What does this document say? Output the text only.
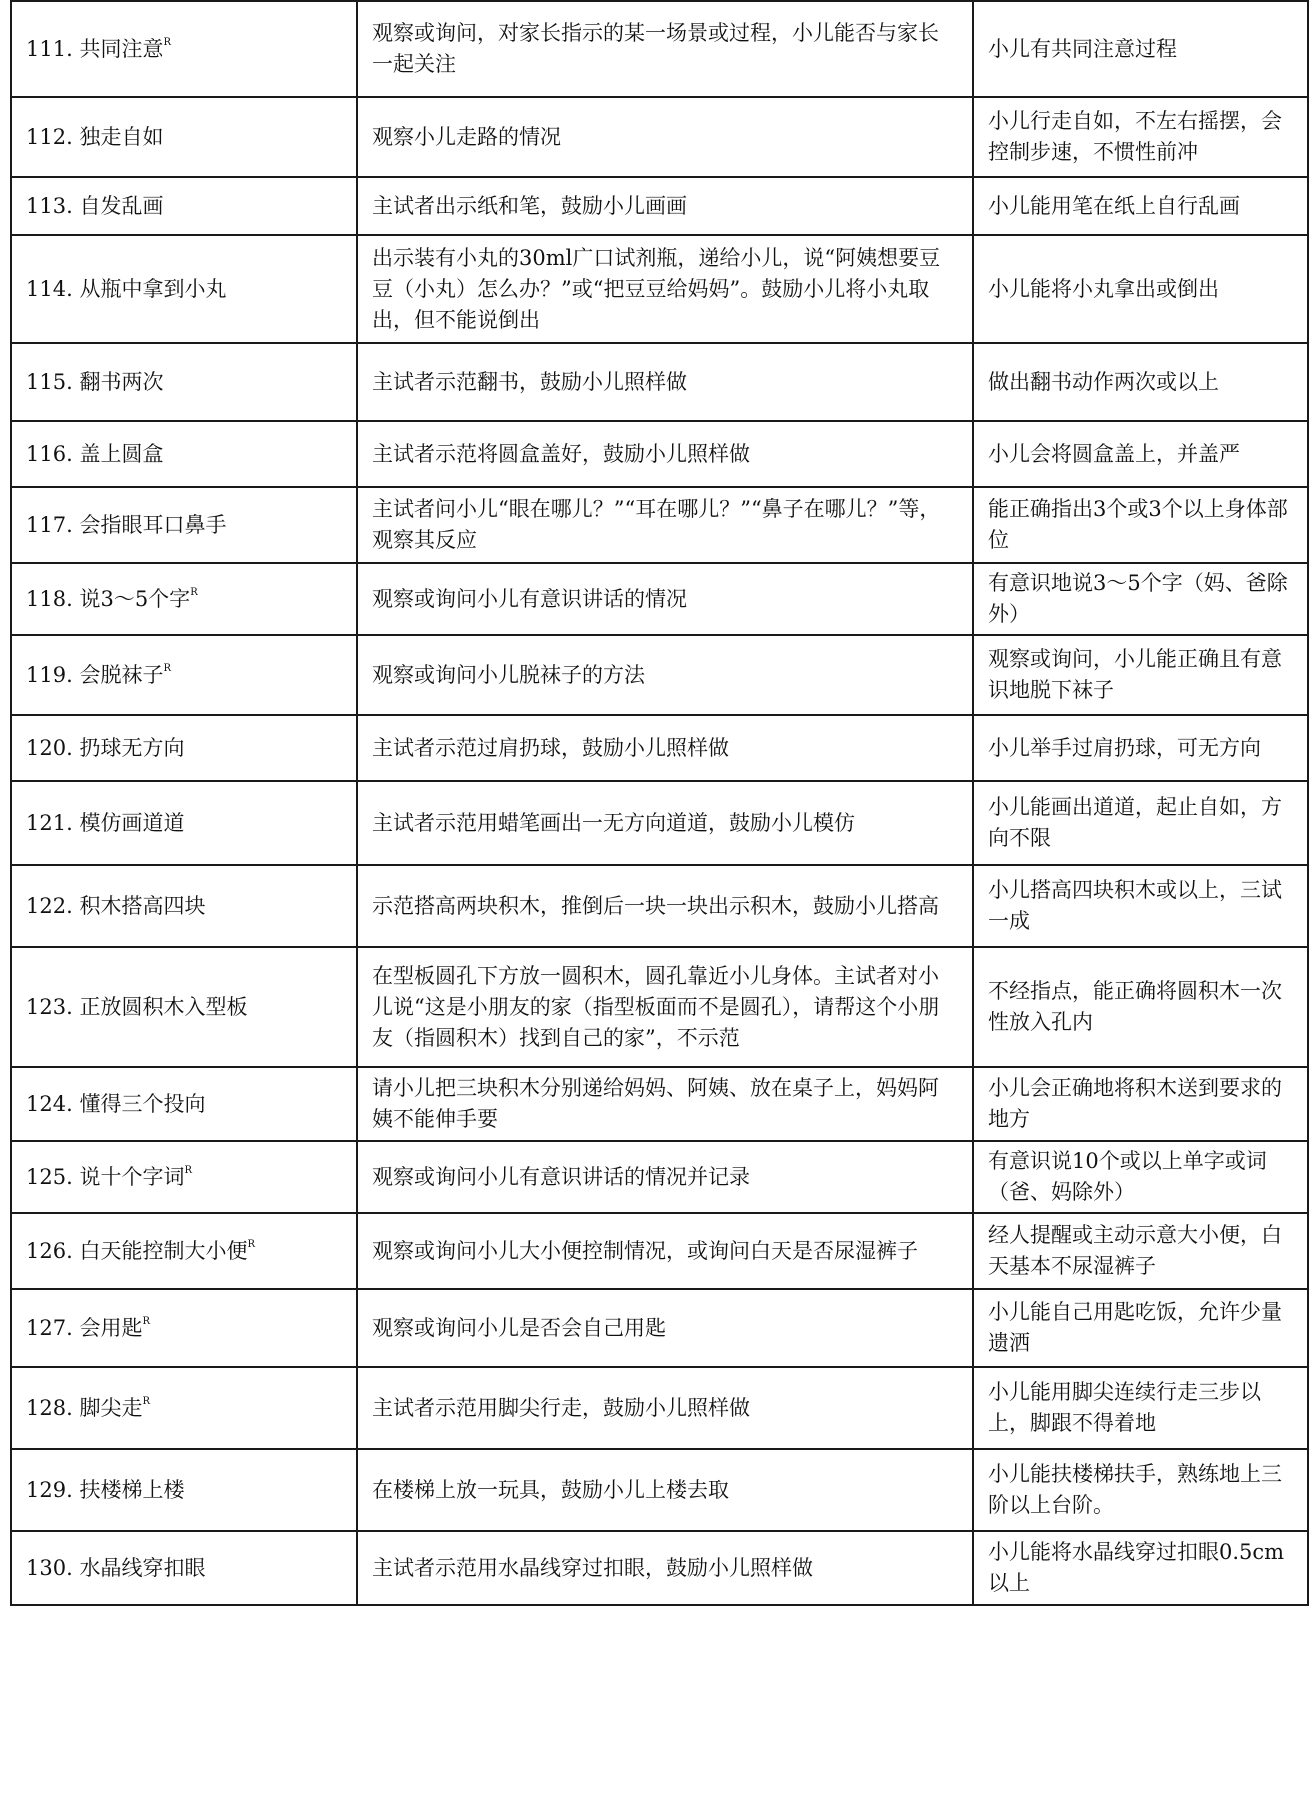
111. 共同注意$^R$	观察或询问，对家长指示的某一场景或过程，小儿能否与家长一起关注	小儿有共同注意过程
112. 独走自如	观察小儿走路的情况	小儿行走自如，不左右摇摆，会控制步速，不惯性前冲
113. 自发乱画	主试者出示纸和笔，鼓励小儿画画	小儿能用笔在纸上自行乱画
114. 从瓶中拿到小丸	出示装有小丸的30ml广口试剂瓶，递给小儿，说“阿姨想要豆豆（小丸）怎么办？”或“把豆豆给妈妈”。鼓励小儿将小丸取出，但不能说倒出	小儿能将小丸拿出或倒出
115. 翻书两次	主试者示范翻书，鼓励小儿照样做	做出翻书动作两次或以上
116. 盖上圆盒	主试者示范将圆盒盖好，鼓励小儿照样做	小儿会将圆盒盖上，并盖严
117. 会指眼耳口鼻手	主试者问小儿“眼在哪儿？”“耳在哪儿？”“鼻子在哪儿？”等，观察其反应	能正确指出3个或3个以上身体部位
118. 说3～5个字$^R$	观察或询问小儿有意识讲话的情况	有意识地说3～5个字（妈、爸除外）
119. 会脱袜子$^R$	观察或询问小儿脱袜子的方法	观察或询问，小儿能正确且有意识地脱下袜子
120. 扔球无方向	主试者示范过肩扔球，鼓励小儿照样做	小儿举手过肩扔球，可无方向
121. 模仿画道道	主试者示范用蜡笔画出一无方向道道，鼓励小儿模仿	小儿能画出道道，起止自如，方向不限
122. 积木搭高四块	示范搭高两块积木，推倒后一块一块出示积木，鼓励小儿搭高	小儿搭高四块积木或以上，三试一成
123. 正放圆积木入型板	在型板圆孔下方放一圆积木，圆孔靠近小儿身体。主试者对小儿说“这是小朋友的家（指型板面而不是圆孔），请帮这个小朋友（指圆积木）找到自己的家”，不示范	不经指点，能正确将圆积木一次性放入孔内
124. 懂得三个投向	请小儿把三块积木分别递给妈妈、阿姨、放在桌子上，妈妈阿姨不能伸手要	小儿会正确地将积木送到要求的地方
125. 说十个字词$^R$	观察或询问小儿有意识讲话的情况并记录	有意识说10个或以上单字或词（爸、妈除外）
126. 白天能控制大小便$^R$	观察或询问小儿大小便控制情况，或询问白天是否尿湿裤子	经人提醒或主动示意大小便，白天基本不尿湿裤子
127. 会用匙$^R$	观察或询问小儿是否会自己用匙	小儿能自己用匙吃饭，允许少量遗洒
128. 脚尖走$^R$	主试者示范用脚尖行走，鼓励小儿照样做	小儿能用脚尖连续行走三步以上，脚跟不得着地
129. 扶楼梯上楼	在楼梯上放一玩具，鼓励小儿上楼去取	小儿能扶楼梯扶手，熟练地上三阶以上台阶。
130. 水晶线穿扣眼	主试者示范用水晶线穿过扣眼，鼓励小儿照样做	小儿能将水晶线穿过扣眼0.5cm以上
